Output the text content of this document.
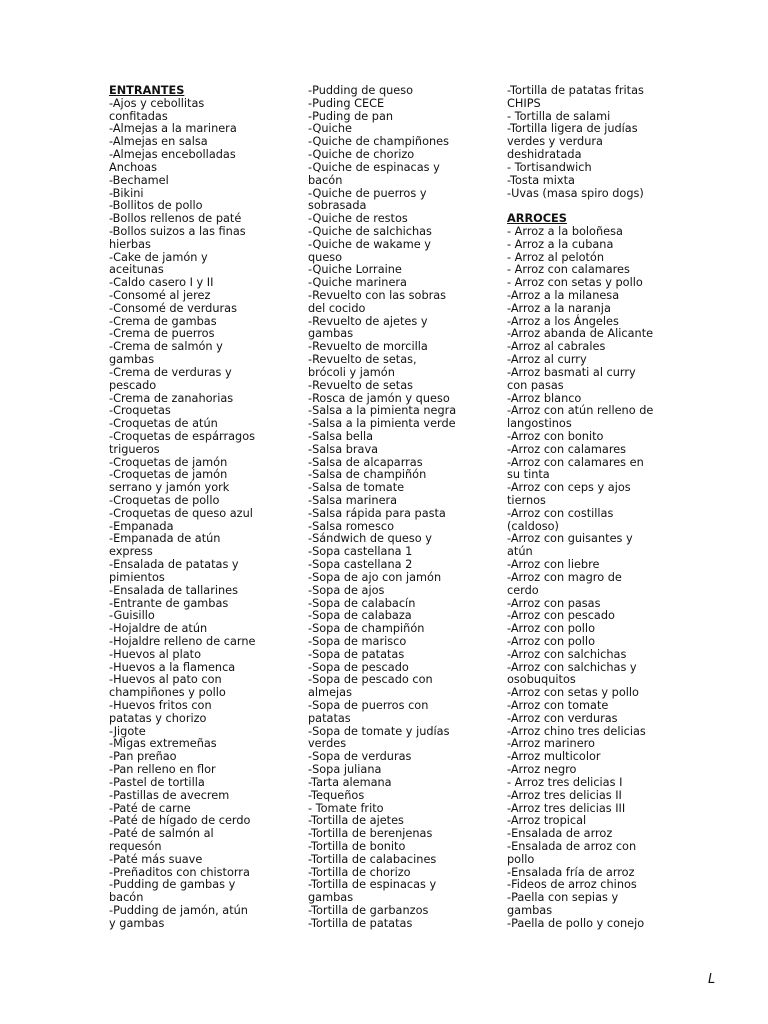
ENTRANTES
-Ajos y cebollitas
confitadas
-Almejas a la marinera
-Almejas en salsa
-Almejas encebolladas
Anchoas
-Bechamel
-Bikini
-Bollitos de pollo
-Bollos rellenos de paté
-Bollos suizos a las finas
hierbas
-Cake de jamón y
aceitunas
-Caldo casero I y II
-Consomé al jerez
-Consomé de verduras
-Crema de gambas
-Crema de puerros
-Crema de salmón y
gambas
-Crema de verduras y
pescado
-Crema de zanahorias
-Croquetas
-Croquetas de atún
-Croquetas de espárragos
trigueros
-Croquetas de jamón
-Croquetas de jamón
serrano y jamón york
-Croquetas de pollo
-Croquetas de queso azul
-Empanada
-Empanada de atún
express
-Ensalada de patatas y
pimientos
-Ensalada de tallarines
-Entrante de gambas
-Guisillo
-Hojaldre de atún
-Hojaldre relleno de carne
-Huevos al plato
-Huevos a la flamenca
-Huevos al pato con
champiñones y pollo
-Huevos fritos con
patatas y chorizo
-Jigote
-Migas extremeñas
-Pan preñao
-Pan relleno en flor
-Pastel de tortilla
-Pastillas de avecrem
-Paté de carne
-Paté de hígado de cerdo
-Paté de salmón al
requesón
-Paté más suave
-Preñaditos con chistorra
-Pudding de gambas y
bacón
-Pudding de jamón, atún
y gambas
-Pudding de queso
-Puding CECE
-Puding de pan
-Quiche
-Quiche de champiñones
-Quiche de chorizo
-Quiche de espinacas y
bacón
-Quiche de puerros y
sobrasada
-Quiche de restos
-Quiche de salchichas
-Quiche de wakame y
queso
-Quiche Lorraine
-Quiche marinera
-Revuelto con las sobras
del cocido
-Revuelto de ajetes y
gambas
-Revuelto de morcilla
-Revuelto de setas,
brócoli y jamón
-Revuelto de setas
-Rosca de jamón y queso
-Salsa a la pimienta negra
-Salsa a la pimienta verde
-Salsa bella
-Salsa brava
-Salsa de alcaparras
-Salsa de champiñón
-Salsa de tomate
-Salsa marinera
-Salsa rápida para pasta
-Salsa romesco
-Sándwich de queso y
-Sopa castellana 1
-Sopa castellana 2
-Sopa de ajo con jamón
-Sopa de ajos
-Sopa de calabacín
-Sopa de calabaza
-Sopa de champiñón
-Sopa de marisco
-Sopa de patatas
-Sopa de pescado
-Sopa de pescado con
almejas
-Sopa de puerros con
patatas
-Sopa de tomate y judías
verdes
-Sopa de verduras
-Sopa juliana
-Tarta alemana
-Tequeños
- Tomate frito
-Tortilla de ajetes
-Tortilla de berenjenas
-Tortilla de bonito
-Tortilla de calabacines
-Tortilla de chorizo
-Tortilla de espinacas y
gambas
-Tortilla de garbanzos
-Tortilla de patatas
-Tortilla de patatas fritas
CHIPS
- Tortilla de salami
-Tortilla ligera de judías
verdes y verdura
deshidratada
- Tortisandwich
-Tosta mixta
-Uvas (masa spiro dogs)
ARROCES
- Arroz a la boloñesa
- Arroz a la cubana
- Arroz al pelotón
- Arroz con calamares
- Arroz con setas y pollo
-Arroz a la milanesa
-Arroz a la naranja
-Arroz a los Ángeles
-Arroz abanda de Alicante
-Arroz al cabrales
-Arroz al curry
-Arroz basmati al curry
con pasas
-Arroz blanco
-Arroz con atún relleno de
langostinos
-Arroz con bonito
-Arroz con calamares
-Arroz con calamares en
su tinta
-Arroz con ceps y ajos
tiernos
-Arroz con costillas
(caldoso)
-Arroz con guisantes y
atún
-Arroz con liebre
-Arroz con magro de
cerdo
-Arroz con pasas
-Arroz con pescado
-Arroz con pollo
-Arroz con pollo
-Arroz con salchichas
-Arroz con salchichas y
osobuquitos
-Arroz con setas y pollo
-Arroz con tomate
-Arroz con verduras
-Arroz chino tres delicias
-Arroz marinero
-Arroz multicolor
-Arroz negro
- Arroz tres delicias I
-Arroz tres delicias II
-Arroz tres delicias III
-Arroz tropical
-Ensalada de arroz
-Ensalada de arroz con
pollo
-Ensalada fría de arroz
-Fideos de arroz chinos
-Paella con sepias y
gambas
-Paella de pollo y conejo
L
